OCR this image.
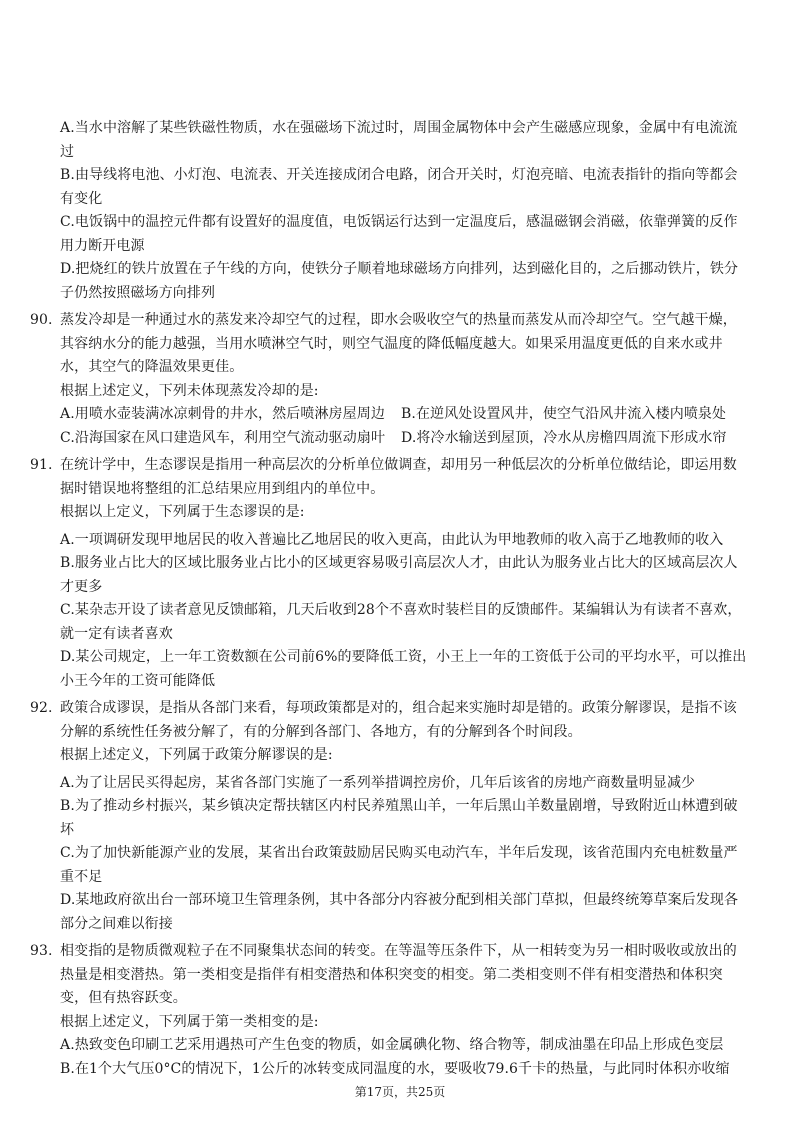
A.当水中溶解了某些铁磁性物质，水在强磁场下流过时，周围金属物体中会产生磁感应现象，金属中有电流流
过
B.由导线将电池、小灯泡、电流表、开关连接成闭合电路，闭合开关时，灯泡亮暗、电流表指针的指向等都会
有变化
C.电饭锅中的温控元件都有设置好的温度值，电饭锅运行达到一定温度后，感温磁钢会消磁，依靠弹簧的反作
用力断开电源
D.把烧红的铁片放置在子午线的方向，使铁分子顺着地球磁场方向排列，达到磁化目的，之后挪动铁片，铁分
子仍然按照磁场方向排列
90. 蒸发冷却是一种通过水的蒸发来冷却空气的过程，即水会吸收空气的热量而蒸发从而冷却空气。空气越干燥，
其容纳水分的能力越强，当用水喷淋空气时，则空气温度的降低幅度越大。如果采用温度更低的自来水或井
水，其空气的降温效果更佳。
根据上述定义，下列未体现蒸发冷却的是:
A.用喷水壶装满冰凉刺骨的井水，然后喷淋房屋周边	B.在逆风处设置风井，使空气沿风井流入楼内喷泉处
C.沿海国家在风口建造风车，利用空气流动驱动扇叶	D.将冷水输送到屋顶，冷水从房檐四周流下形成水帘
91. 在统计学中，生态谬误是指用一种高层次的分析单位做调查，却用另一种低层次的分析单位做结论，即运用数
据时错误地将整组的汇总结果应用到组内的单位中。
根据以上定义，下列属于生态谬误的是:
A.一项调研发现甲地居民的收入普遍比乙地居民的收入更高，由此认为甲地教师的收入高于乙地教师的收入
B.服务业占比大的区域比服务业占比小的区域更容易吸引高层次人才，由此认为服务业占比大的区域高层次人
才更多
C.某杂志开设了读者意见反馈邮箱，几天后收到28个不喜欢时装栏目的反馈邮件。某编辑认为有读者不喜欢，
就一定有读者喜欢
D.某公司规定，上一年工资数额在公司前6%的要降低工资，小王上一年的工资低于公司的平均水平，可以推出
小王今年的工资可能降低
92. 政策合成谬误，是指从各部门来看，每项政策都是对的，组合起来实施时却是错的。政策分解谬误，是指不该
分解的系统性任务被分解了，有的分解到各部门、各地方，有的分解到各个时间段。
根据上述定义，下列属于政策分解谬误的是:
A.为了让居民买得起房，某省各部门实施了一系列举措调控房价，几年后该省的房地产商数量明显减少
B.为了推动乡村振兴，某乡镇决定帮扶辖区内村民养殖黑山羊，一年后黑山羊数量剧增，导致附近山林遭到破
坏
C.为了加快新能源产业的发展，某省出台政策鼓励居民购买电动汽车，半年后发现，该省范围内充电桩数量严
重不足
D.某地政府欲出台一部环境卫生管理条例，其中各部分内容被分配到相关部门草拟，但最终统筹草案后发现各
部分之间难以衔接
93. 相变指的是物质微观粒子在不同聚集状态间的转变。在等温等压条件下，从一相转变为另一相时吸收或放出的
热量是相变潜热。第一类相变是指伴有相变潜热和体积突变的相变。第二类相变则不伴有相变潜热和体积突
变，但有热容跃变。
根据上述定义，下列属于第一类相变的是:
A.热致变色印刷工艺采用遇热可产生色变的物质，如金属碘化物、络合物等，制成油墨在印品上形成色变层
B.在1个大气压0°C的情况下，1公斤的冰转变成同温度的水，要吸收79.6千卡的热量，与此同时体积亦收缩
第17页，共25页
